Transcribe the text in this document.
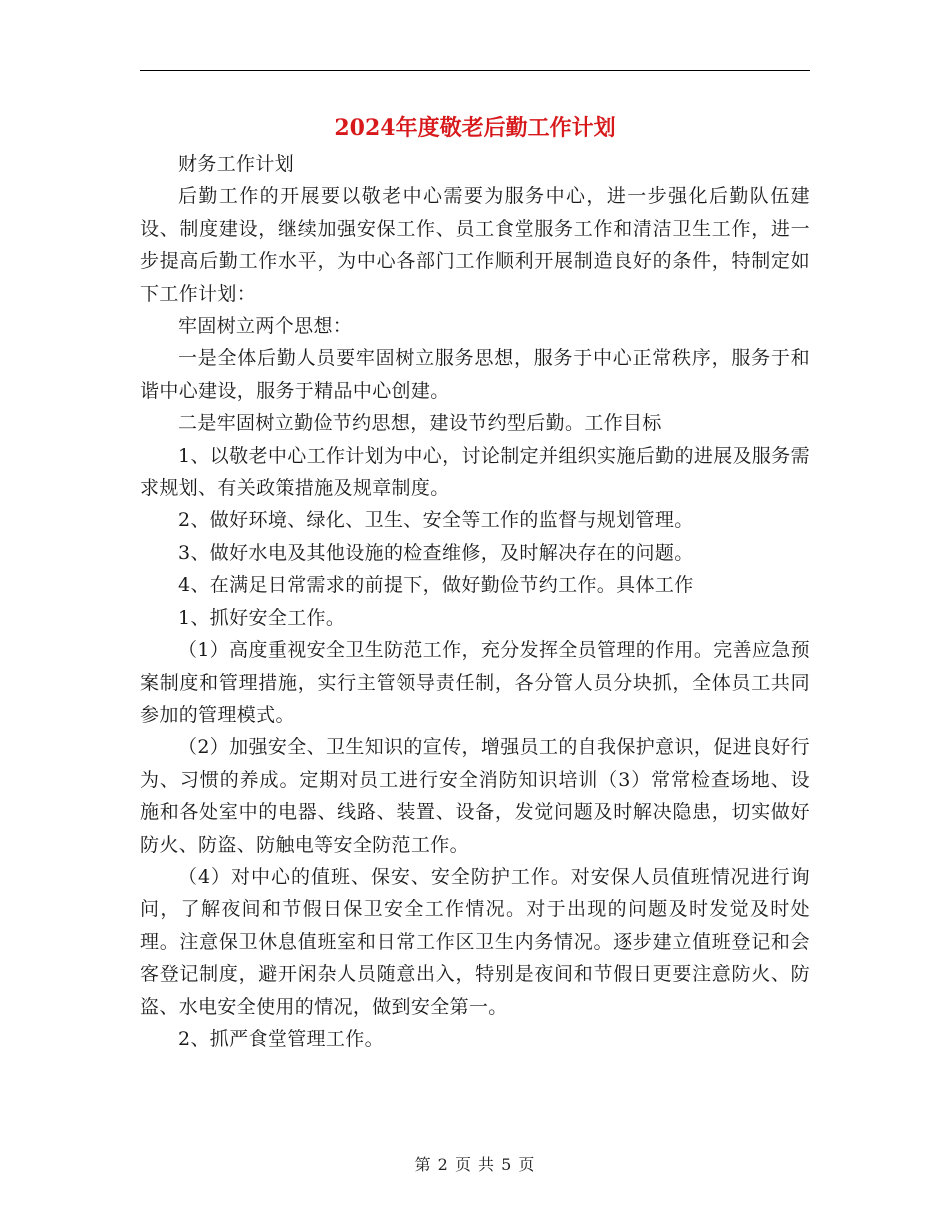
2024年度敬老后勤工作计划

财务工作计划

后勤工作的开展要以敬老中心需要为服务中心，进一步强化后勤队伍建设、制度建设，继续加强安保工作、员工食堂服务工作和清洁卫生工作，进一步提高后勤工作水平，为中心各部门工作顺利开展制造良好的条件，特制定如下工作计划：

牢固树立两个思想：

一是全体后勤人员要牢固树立服务思想，服务于中心正常秩序，服务于和谐中心建设，服务于精品中心创建。

二是牢固树立勤俭节约思想，建设节约型后勤。工作目标

1、以敬老中心工作计划为中心，讨论制定并组织实施后勤的进展及服务需求规划、有关政策措施及规章制度。

2、做好环境、绿化、卫生、安全等工作的监督与规划管理。

3、做好水电及其他设施的检查维修，及时解决存在的问题。

4、在满足日常需求的前提下，做好勤俭节约工作。具体工作

1、抓好安全工作。

（1）高度重视安全卫生防范工作，充分发挥全员管理的作用。完善应急预案制度和管理措施，实行主管领导责任制，各分管人员分块抓，全体员工共同参加的管理模式。

（2）加强安全、卫生知识的宣传，增强员工的自我保护意识，促进良好行为、习惯的养成。定期对员工进行安全消防知识培训（3）常常检查场地、设施和各处室中的电器、线路、装置、设备，发觉问题及时解决隐患，切实做好防火、防盗、防触电等安全防范工作。

（4）对中心的值班、保安、安全防护工作。对安保人员值班情况进行询问，了解夜间和节假日保卫安全工作情况。对于出现的问题及时发觉及时处理。注意保卫休息值班室和日常工作区卫生内务情况。逐步建立值班登记和会客登记制度，避开闲杂人员随意出入，特别是夜间和节假日更要注意防火、防盗、水电安全使用的情况，做到安全第一。

2、抓严食堂管理工作。

第 2 页 共 5 页
